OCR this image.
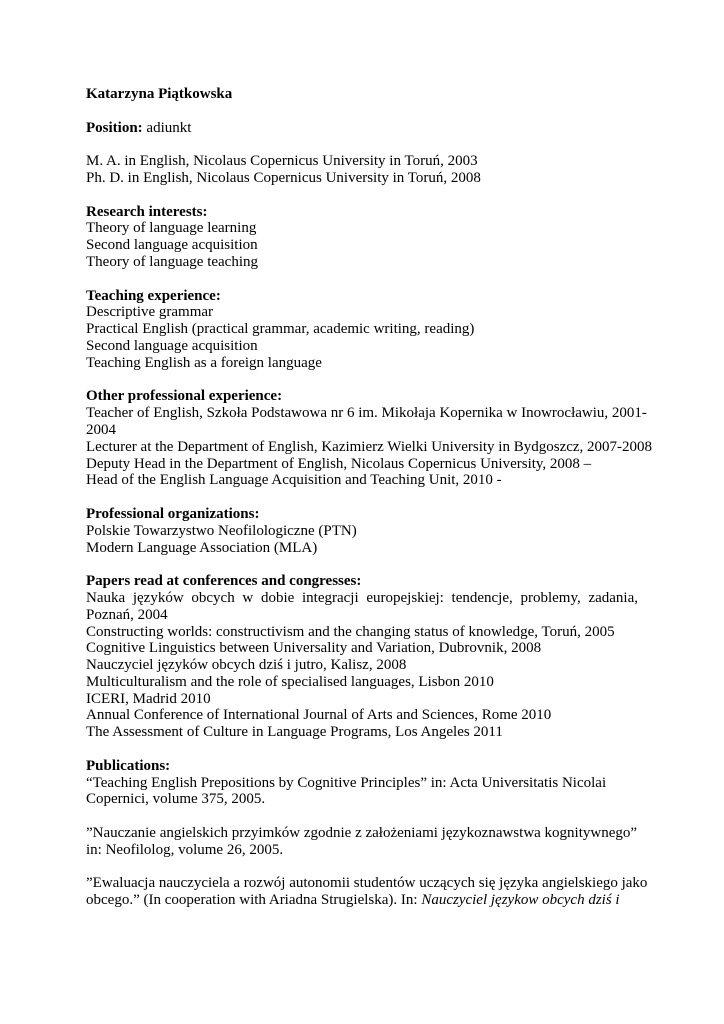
Katarzyna Piątkowska
Position: adiunkt
M. A. in English, Nicolaus Copernicus University in Toruń, 2003
Ph. D. in English, Nicolaus Copernicus University in Toruń, 2008
Research interests:
Theory of language learning
Second language acquisition
Theory of language teaching
Teaching experience:
Descriptive grammar
Practical English (practical grammar, academic writing, reading)
Second language acquisition
Teaching English as a foreign language
Other professional experience:
Teacher of English, Szkoła Podstawowa nr 6 im. Mikołaja Kopernika w Inowrocławiu, 2001-
2004
Lecturer at the Department of English, Kazimierz Wielki University in Bydgoszcz, 2007-2008
Deputy Head in the Department of English, Nicolaus Copernicus University, 2008 –
Head of the English Language Acquisition and Teaching Unit, 2010 -
Professional organizations:
Polskie Towarzystwo Neofilologiczne (PTN)
Modern Language Association (MLA)
Papers read at conferences and congresses:
Nauka języków obcych w dobie integracji europejskiej: tendencje, problemy, zadania,
Poznań, 2004
Constructing worlds: constructivism and the changing status of knowledge, Toruń, 2005
Cognitive Linguistics between Universality and Variation, Dubrovnik, 2008
Nauczyciel języków obcych dziś i jutro, Kalisz, 2008
Multiculturalism and the role of specialised languages, Lisbon 2010
ICERI, Madrid 2010
Annual Conference of International Journal of Arts and Sciences, Rome 2010
The Assessment of Culture in Language Programs, Los Angeles 2011
Publications:
“Teaching English Prepositions by Cognitive Principles” in: Acta Universitatis Nicolai
Copernici, volume 375, 2005.
”Nauczanie angielskich przyimków zgodnie z założeniami językoznawstwa kognitywnego”
in: Neofilolog, volume 26, 2005.
”Ewaluacja nauczyciela a rozwój autonomii studentów uczących się języka angielskiego jako
obcego.” (In cooperation with Ariadna Strugielska). In: Nauczyciel językow obcych dziś i
